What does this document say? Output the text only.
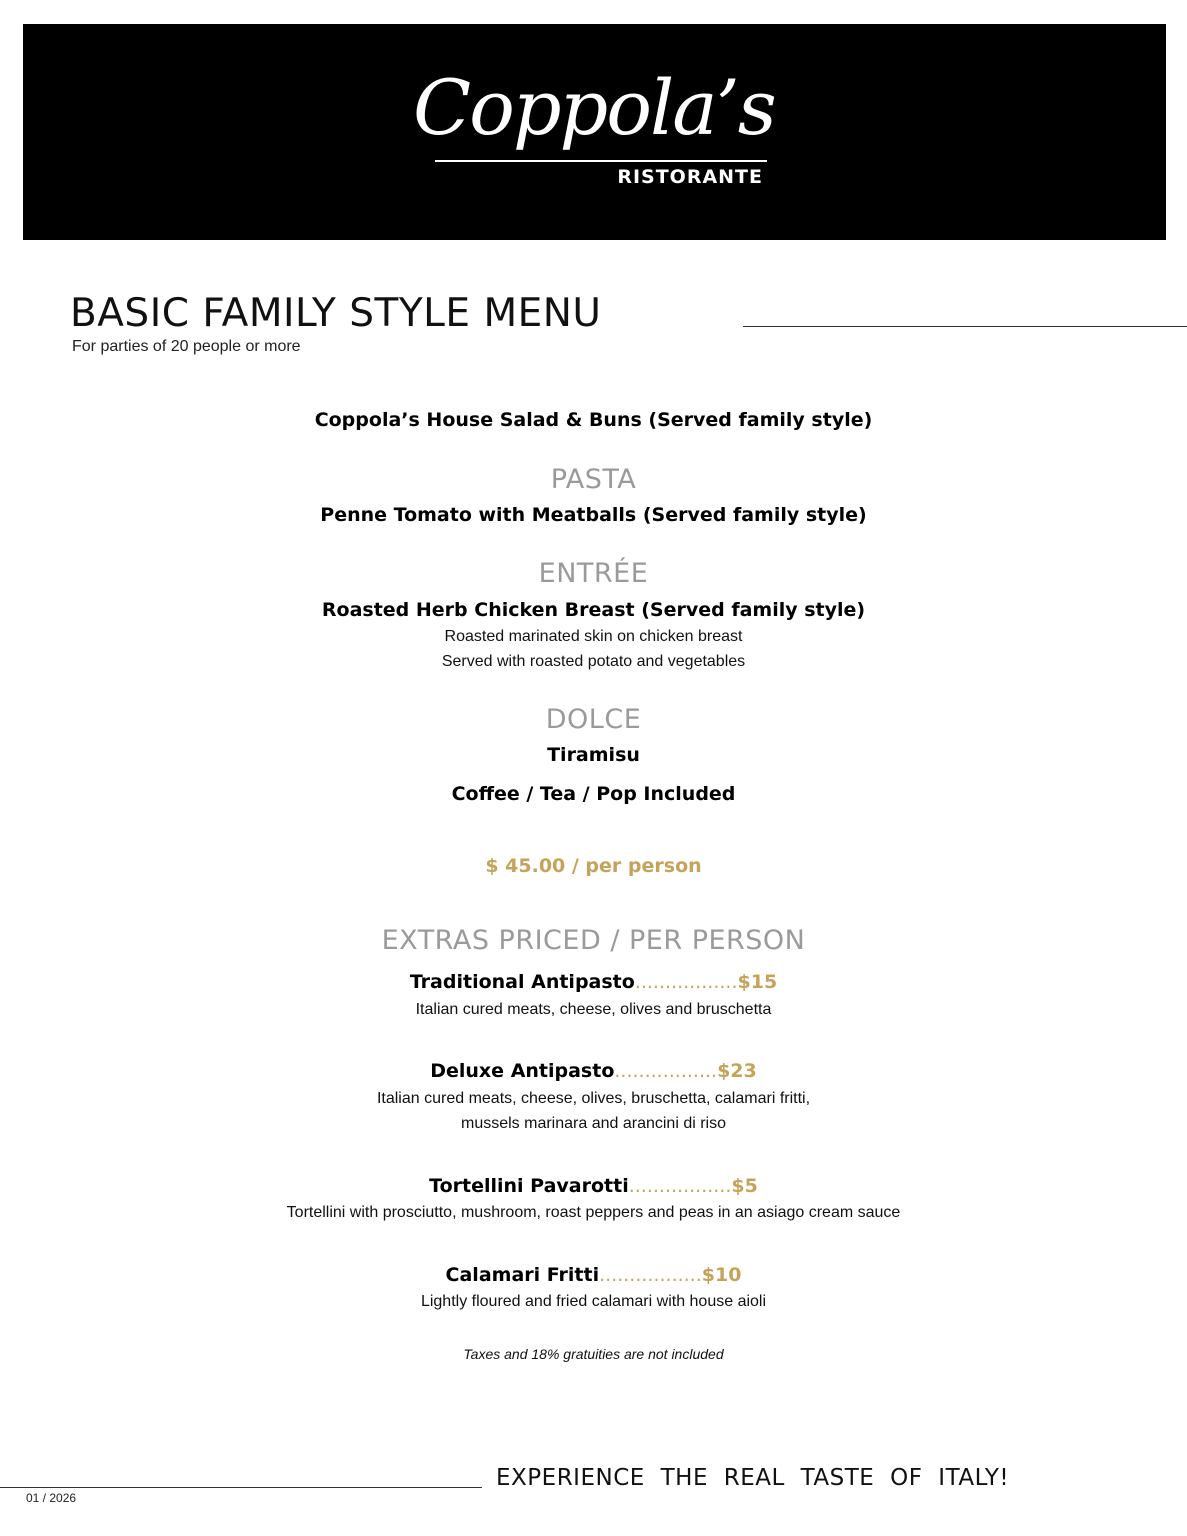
Coppola’s
RISTORANTE
BASIC FAMILY STYLE MENU
For parties of 20 people or more
Coppola’s House Salad & Buns (Served family style)
PASTA
Penne Tomato with Meatballs (Served family style)
ENTRÉE
Roasted Herb Chicken Breast (Served family style)
Roasted marinated skin on chicken breast
Served with roasted potato and vegetables
DOLCE
Tiramisu
Coffee / Tea / Pop Included
$ 45.00 / per person
EXTRAS PRICED / PER PERSON
Traditional Antipasto.................$15
Italian cured meats, cheese, olives and bruschetta
Deluxe Antipasto.................$23
Italian cured meats, cheese, olives, bruschetta, calamari fritti,
mussels marinara and arancini di riso
Tortellini Pavarotti.................$5
Tortellini with prosciutto, mushroom, roast peppers and peas in an asiago cream sauce
Calamari Fritti.................$10
Lightly floured and fried calamari with house aioli
Taxes and 18% gratuities are not included
01 / 2026
EXPERIENCE THE REAL TASTE OF ITALY!
